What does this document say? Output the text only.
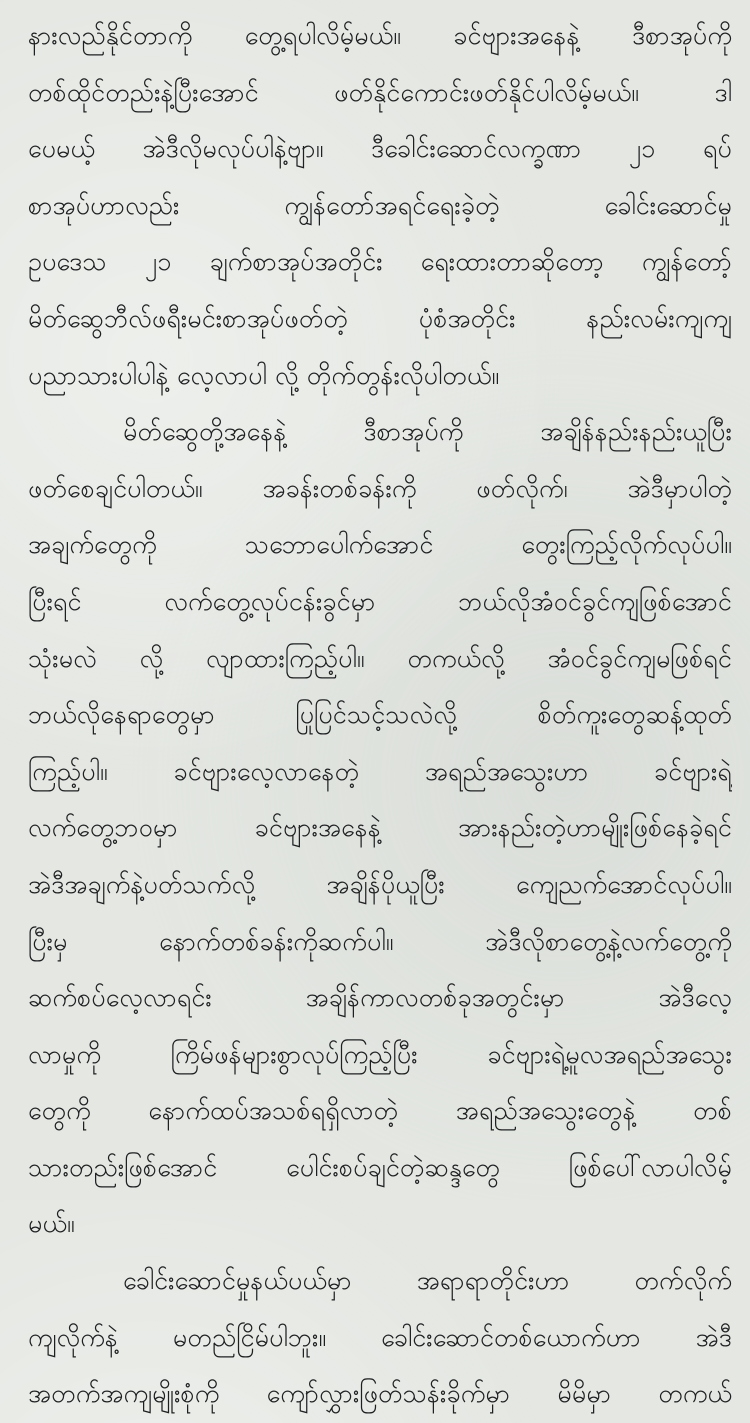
နားလည်နိုင်တာကို တွေ့ရပါလိမ့်မယ်။ ခင်ဗျားအနေနဲ့ ဒီစာအုပ်ကို
တစ်ထိုင်တည်းနဲ့ပြီးအောင် ဖတ်နိုင်ကောင်းဖတ်နိုင်ပါလိမ့်မယ်။ ဒါ
ပေမယ့် အဲဒီလိုမလုပ်ပါနဲ့ဗျာ။ ဒီခေါင်းဆောင်လက္ခဏာ ၂၁ ရပ်
စာအုပ်ဟာလည်း ကျွန်တော်အရင်ရေးခဲ့တဲ့ ခေါင်းဆောင်မှု
ဥပဒေသ ၂၁ ချက်စာအုပ်အတိုင်း ရေးထားတာဆိုတော့ ကျွန်တော့်
မိတ်ဆွေဘီလ်ဖရီးမင်းစာအုပ်ဖတ်တဲ့ ပုံစံအတိုင်း နည်းလမ်းကျကျ
ပညာသားပါပါနဲ့ လေ့လာပါ လို့ တိုက်တွန်းလိုပါတယ်။
မိတ်ဆွေတို့အနေနဲ့ ဒီစာအုပ်ကို အချိန်နည်းနည်းယူပြီး
ဖတ်စေချင်ပါတယ်။ အခန်းတစ်ခန်းကို ဖတ်လိုက်၊ အဲဒီမှာပါတဲ့
အချက်တွေကို သဘောပေါက်အောင် တွေးကြည့်လိုက်လုပ်ပါ။
ပြီးရင် လက်တွေ့လုပ်ငန်းခွင်မှာ ဘယ်လိုအံဝင်ခွင်ကျဖြစ်အောင်
သုံးမလဲ လို့ လျာထားကြည့်ပါ။ တကယ်လို့ အံဝင်ခွင်ကျမဖြစ်ရင်
ဘယ်လိုနေရာတွေမှာ ပြုပြင်သင့်သလဲလို့ စိတ်ကူးတွေဆန့်ထုတ်
ကြည့်ပါ။ ခင်ဗျားလေ့လာနေတဲ့ အရည်အသွေးဟာ ခင်ဗျားရဲ့
လက်တွေ့ဘဝမှာ ခင်ဗျားအနေနဲ့ အားနည်းတဲ့ဟာမျိုးဖြစ်နေခဲ့ရင်
အဲဒီအချက်နဲ့ပတ်သက်လို့ အချိန်ပိုယူပြီး ကျေညက်အောင်လုပ်ပါ။
ပြီးမှ နောက်တစ်ခန်းကိုဆက်ပါ။ အဲဒီလိုစာတွေ့နဲ့လက်တွေ့ကို
ဆက်စပ်လေ့လာရင်း အချိန်ကာလတစ်ခုအတွင်းမှာ အဲဒီလေ့
လာမှုကို ကြိမ်ဖန်များစွာလုပ်ကြည့်ပြီး ခင်ဗျားရဲ့မူလအရည်အသွေး
တွေကို နောက်ထပ်အသစ်ရရှိလာတဲ့ အရည်အသွေးတွေနဲ့ တစ်
သားတည်းဖြစ်အောင် ပေါင်းစပ်ချင်တဲ့ဆန္ဒတွေ ဖြစ်ပေါ်လာပါလိမ့်
မယ်။
ခေါင်းဆောင်မှုနယ်ပယ်မှာ အရာရာတိုင်းဟာ တက်လိုက်
ကျလိုက်နဲ့ မတည်ငြိမ်ပါဘူး။ ခေါင်းဆောင်တစ်ယောက်ဟာ အဲဒီ
အတက်အကျမျိုးစုံကို ကျော်လွှားဖြတ်သန်းခိုက်မှာ မိမိမှာ တကယ်
